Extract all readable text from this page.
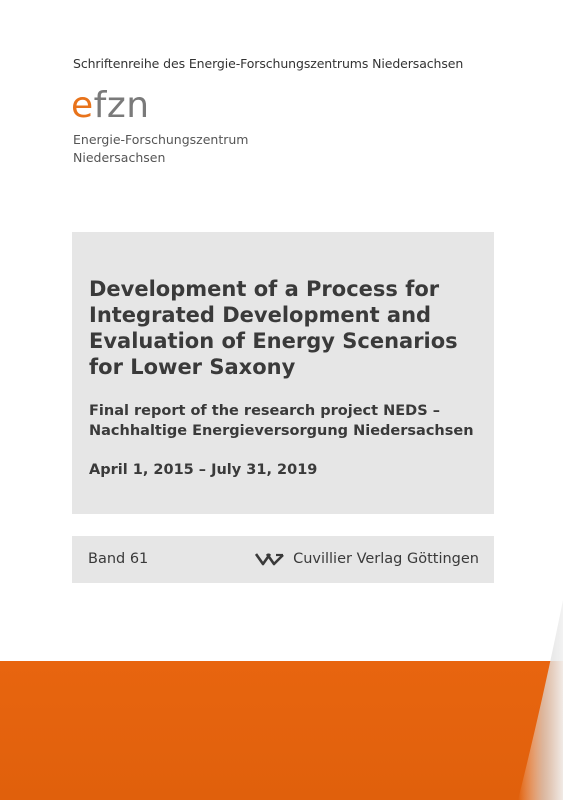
Schriftenreihe des Energie-Forschungszentrums Niedersachsen
efzn
Energie-Forschungszentrum
Niedersachsen
Development of a Process for
Integrated Development and
Evaluation of Energy Scenarios
for Lower Saxony
Final report of the research project NEDS –
Nachhaltige Energieversorgung Niedersachsen
April 1, 2015 – July 31, 2019
Band 61	Cuvillier Verlag Göttingen
